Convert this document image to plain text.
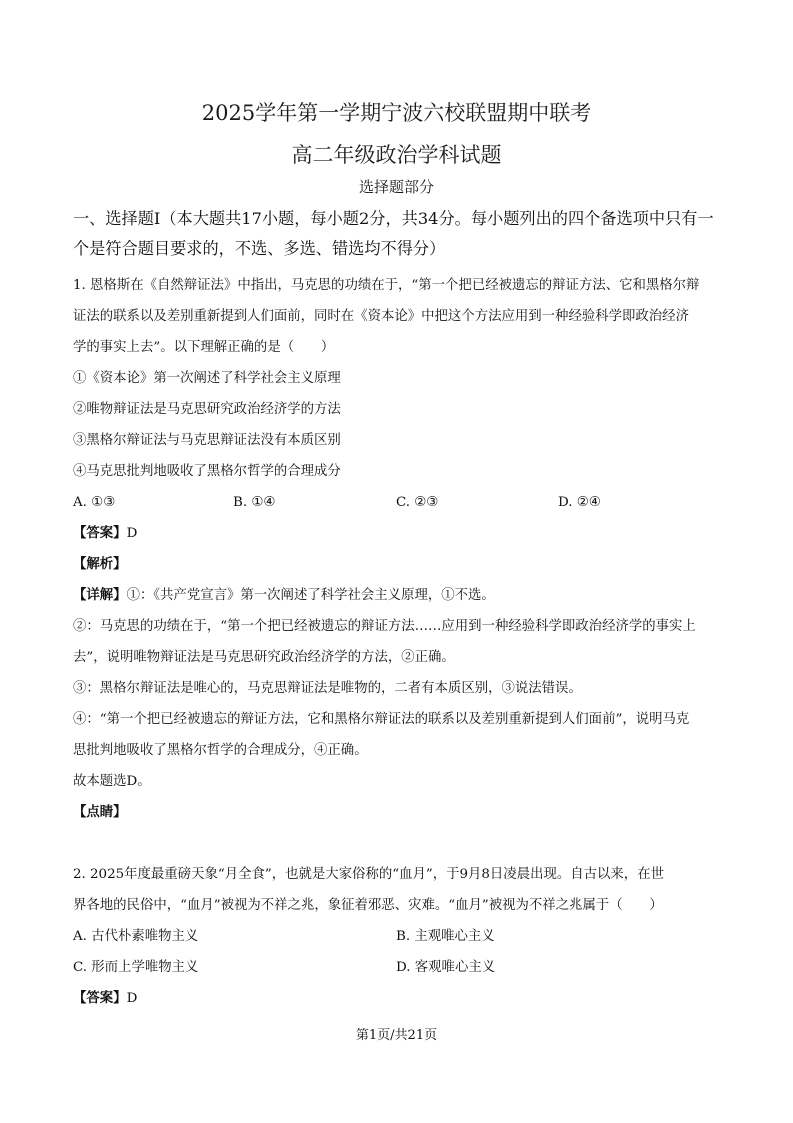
2025学年第一学期宁波六校联盟期中联考
高二年级政治学科试题
选择题部分
一、选择题Ⅰ（本大题共17小题，每小题2分，共34分。每小题列出的四个备选项中只有一
个是符合题目要求的，不选、多选、错选均不得分）
1. 恩格斯在《自然辩证法》中指出，马克思的功绩在于，“第一个把已经被遗忘的辩证方法、它和黑格尔辩
证法的联系以及差别重新提到人们面前，同时在《资本论》中把这个方法应用到一种经验科学即政治经济
学的事实上去”。以下理解正确的是（　　）
①《资本论》第一次阐述了科学社会主义原理
②唯物辩证法是马克思研究政治经济学的方法
③黑格尔辩证法与马克思辩证法没有本质区别
④马克思批判地吸收了黑格尔哲学的合理成分
A. ①③	B. ①④	C. ②③	D. ②④
【答案】D
【解析】
【详解】①：《共产党宣言》第一次阐述了科学社会主义原理，①不选。
②：马克思的功绩在于，“第一个把已经被遗忘的辩证方法……应用到一种经验科学即政治经济学的事实上
去”，说明唯物辩证法是马克思研究政治经济学的方法，②正确。
③：黑格尔辩证法是唯心的，马克思辩证法是唯物的，二者有本质区别，③说法错误。
④：“第一个把已经被遗忘的辩证方法，它和黑格尔辩证法的联系以及差别重新提到人们面前”，说明马克
思批判地吸收了黑格尔哲学的合理成分，④正确。
故本题选D。
【点睛】
2. 2025年度最重磅天象“月全食”，也就是大家俗称的“血月”，于9月8日凌晨出现。自古以来，在世
界各地的民俗中，“血月”被视为不祥之兆，象征着邪恶、灾难。“血月”被视为不祥之兆属于（　　）
A. 古代朴素唯物主义	B. 主观唯心主义
C. 形而上学唯物主义	D. 客观唯心主义
【答案】D
第1页/共21页
